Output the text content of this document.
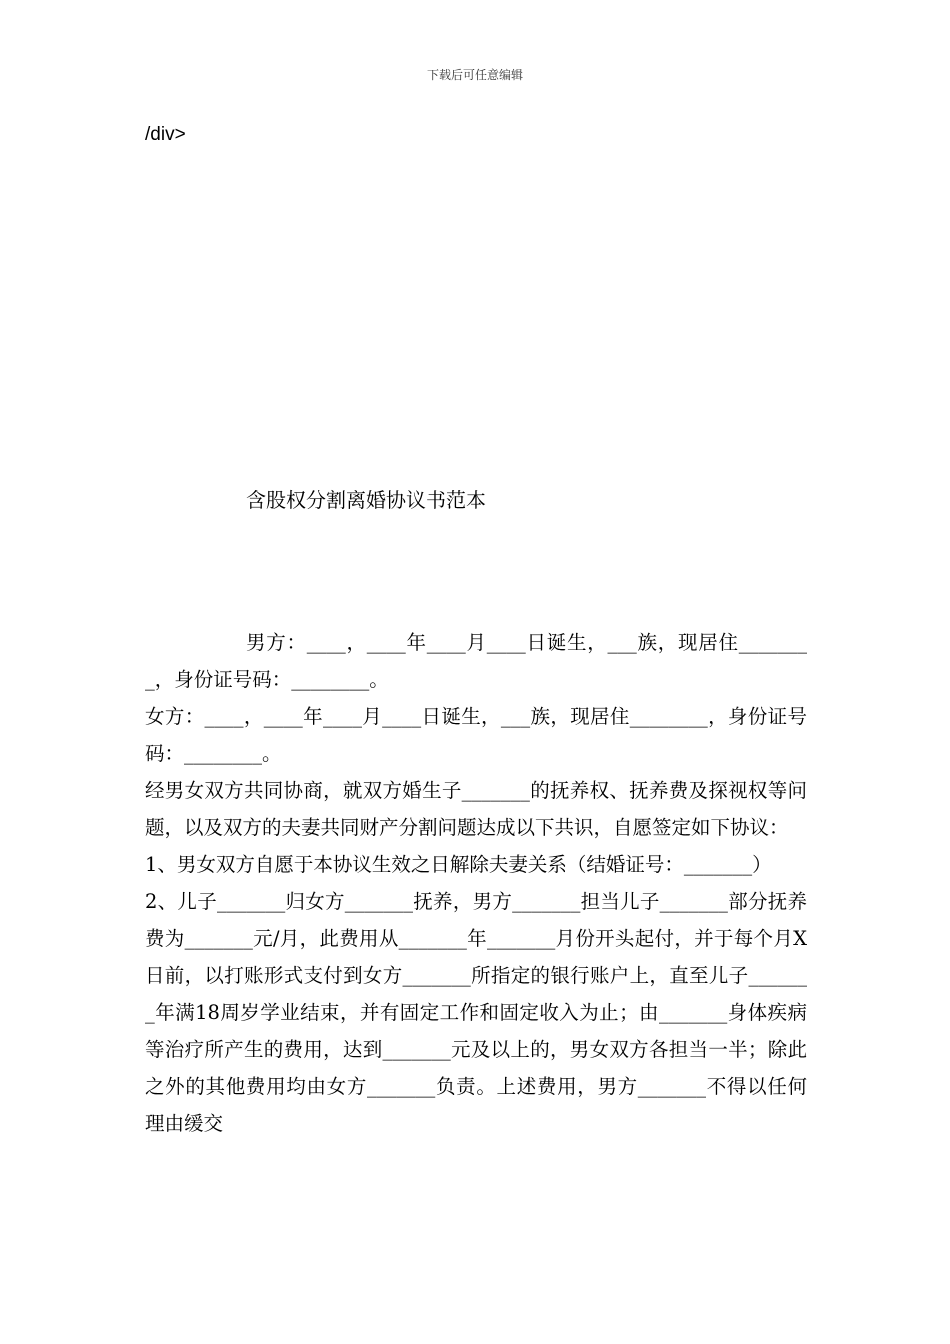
下载后可任意编辑
/div>
含股权分割离婚协议书范本

男方：____，____年____月____日诞生，___族，现居住________，身份证号码：________。

女方：____，____年____月____日诞生，___族，现居住________，身份证号码：________。

经男女双方共同协商，就双方婚生子_______的抚养权、抚养费及探视权等问题，以及双方的夫妻共同财产分割问题达成以下共识，自愿签定如下协议：

1、男女双方自愿于本协议生效之日解除夫妻关系（结婚证号：_______）

2、儿子_______归女方_______抚养，男方_______担当儿子_______部分抚养费为_______元/月，此费用从_______年_______月份开头起付，并于每个月X日前，以打账形式支付到女方_______所指定的银行账户上，直至儿子_______年满18周岁学业结束，并有固定工作和固定收入为止；由_______身体疾病等治疗所产生的费用，达到_______元及以上的，男女双方各担当一半；除此之外的其他费用均由女方_______负责。上述费用，男方_______不得以任何理由缓交
